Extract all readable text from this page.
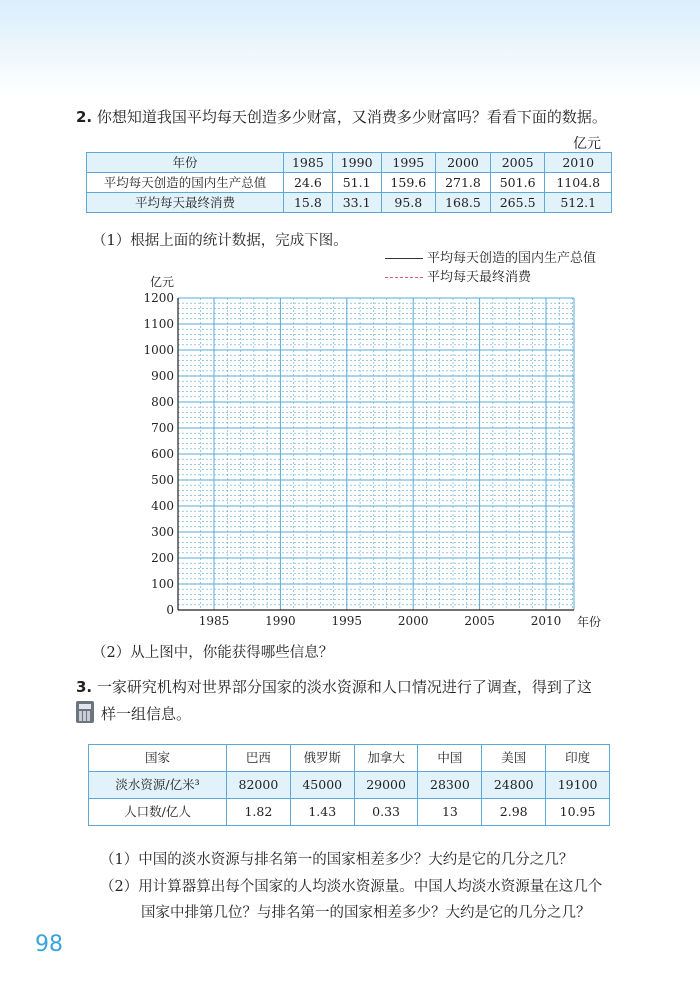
2. 你想知道我国平均每天创造多少财富，又消费多少财富吗？看看下面的数据。
亿元
年份	1985	1990	1995	2000	2005	2010
平均每天创造的国内生产总值	24.6	51.1	159.6	271.8	501.6	1104.8
平均每天最终消费	15.8	33.1	95.8	168.5	265.5	512.1
（1）根据上面的统计数据，完成下图。
平均每天创造的国内生产总值
平均每天最终消费
0
100
200
300
400
500
600
700
800
900
1000
1100
1200
1985	1990	1995	2000	2005	2010
亿元
年份
（2）从上图中，你能获得哪些信息？
3. 一家研究机构对世界部分国家的淡水资源和人口情况进行了调查，得到了这
样一组信息。
国家	巴西	俄罗斯	加拿大	中国	美国	印度
淡水资源/亿米³	82000	45000	29000	28300	24800	19100
人口数/亿人	1.82	1.43	0.33	13	2.98	10.95
（1）中国的淡水资源与排名第一的国家相差多少？大约是它的几分之几？
（2）用计算器算出每个国家的人均淡水资源量。中国人均淡水资源量在这几个
国家中排第几位？与排名第一的国家相差多少？大约是它的几分之几？
98
